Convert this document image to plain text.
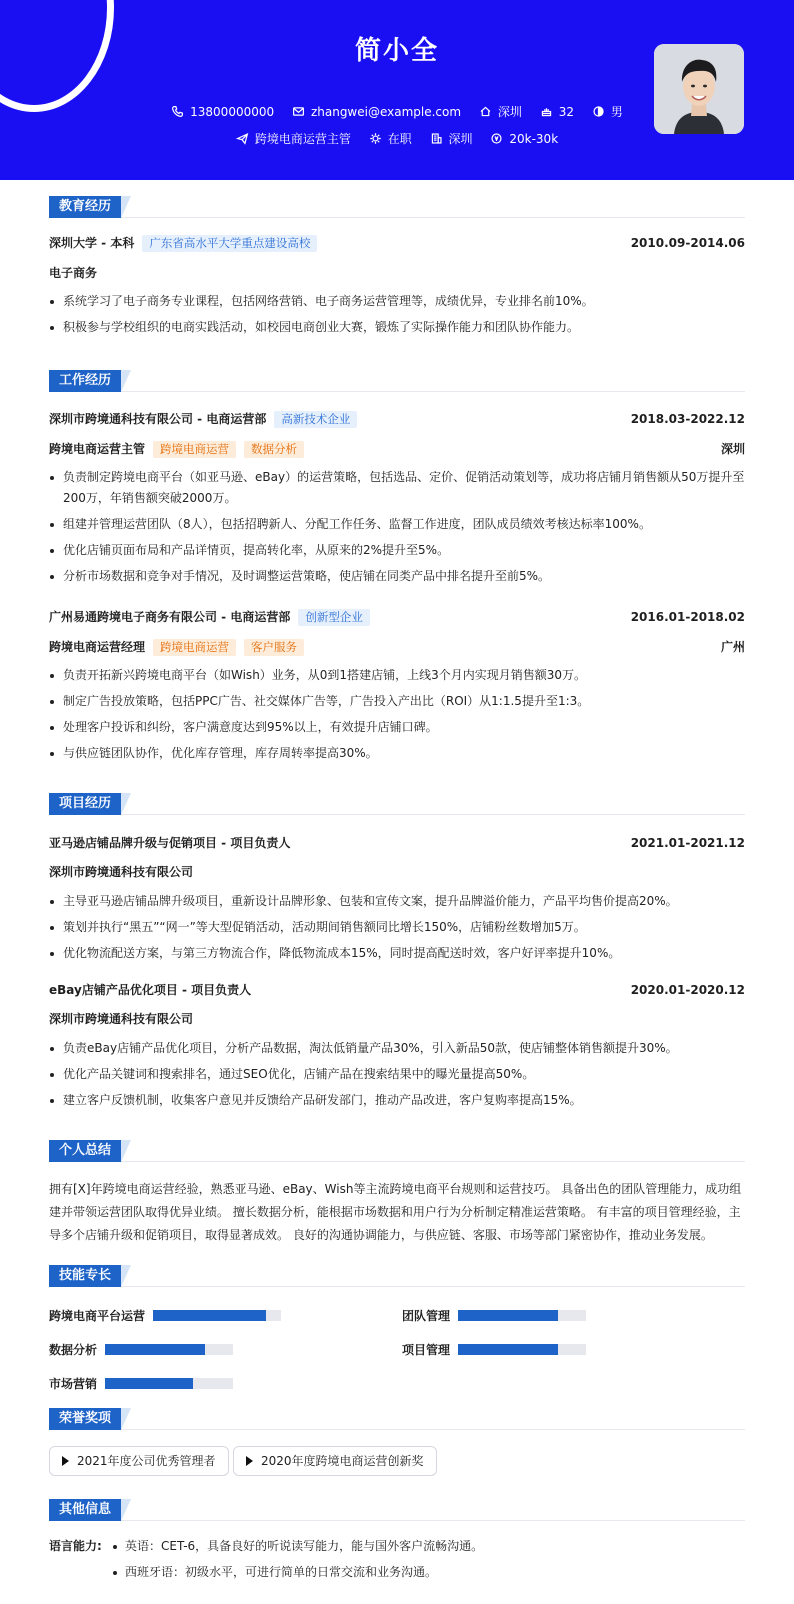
简小全
13800000000
	zhangwei@example.com
	深圳
	32
	男
跨境电商运营主管
	在职
	深圳
	20k-30k
教育经历
深圳大学 - 本科 广东省高水平大学重点建设高校	2010.09-2014.06
电子商务
系统学习了电子商务专业课程，包括网络营销、电子商务运营管理等，成绩优异，专业排名前10%。
积极参与学校组织的电商实践活动，如校园电商创业大赛，锻炼了实际操作能力和团队协作能力。
工作经历
深圳市跨境通科技有限公司 - 电商运营部 高新技术企业	2018.03-2022.12
跨境电商运营主管 跨境电商运营 数据分析	深圳
负责制定跨境电商平台（如亚马逊、eBay）的运营策略，包括选品、定价、促销活动策划等，成功将店铺月销售额从50万提升至200万，年销售额突破2000万。
组建并管理运营团队（8人），包括招聘新人、分配工作任务、监督工作进度，团队成员绩效考核达标率100%。
优化店铺页面布局和产品详情页，提高转化率，从原来的2%提升至5%。
分析市场数据和竞争对手情况，及时调整运营策略，使店铺在同类产品中排名提升至前5%。
广州易通跨境电子商务有限公司 - 电商运营部 创新型企业	2016.01-2018.02
跨境电商运营经理 跨境电商运营 客户服务	广州
负责开拓新兴跨境电商平台（如Wish）业务，从0到1搭建店铺，上线3个月内实现月销售额30万。
制定广告投放策略，包括PPC广告、社交媒体广告等，广告投入产出比（ROI）从1:1.5提升至1:3。
处理客户投诉和纠纷，客户满意度达到95%以上，有效提升店铺口碑。
与供应链团队协作，优化库存管理，库存周转率提高30%。
项目经历
亚马逊店铺品牌升级与促销项目 - 项目负责人	2021.01-2021.12
深圳市跨境通科技有限公司
主导亚马逊店铺品牌升级项目，重新设计品牌形象、包装和宣传文案，提升品牌溢价能力，产品平均售价提高20%。
策划并执行“黑五”“网一”等大型促销活动，活动期间销售额同比增长150%，店铺粉丝数增加5万。
优化物流配送方案，与第三方物流合作，降低物流成本15%，同时提高配送时效，客户好评率提升10%。
eBay店铺产品优化项目 - 项目负责人	2020.01-2020.12
深圳市跨境通科技有限公司
负责eBay店铺产品优化项目，分析产品数据，淘汰低销量产品30%，引入新品50款，使店铺整体销售额提升30%。
优化产品关键词和搜索排名，通过SEO优化，店铺产品在搜索结果中的曝光量提高50%。
建立客户反馈机制，收集客户意见并反馈给产品研发部门，推动产品改进，客户复购率提高15%。
个人总结
拥有[X]年跨境电商运营经验，熟悉亚马逊、eBay、Wish等主流跨境电商平台规则和运营技巧。 具备出色的团队管理能力，成功组建并带领运营团队取得优异业绩。 擅长数据分析，能根据市场数据和用户行为分析制定精准运营策略。 有丰富的项目管理经验，主导多个店铺升级和促销项目，取得显著成效。 良好的沟通协调能力，与供应链、客服、市场等部门紧密协作，推动业务发展。
技能专长
跨境电商平台运营	团队管理
数据分析	项目管理
市场营销
荣誉奖项
2021年度公司优秀管理者	2020年度跨境电商运营创新奖
其他信息
语言能力:	英语：CET-6，具备良好的听说读写能力，能与国外客户流畅沟通。
西班牙语：初级水平，可进行简单的日常交流和业务沟通。
